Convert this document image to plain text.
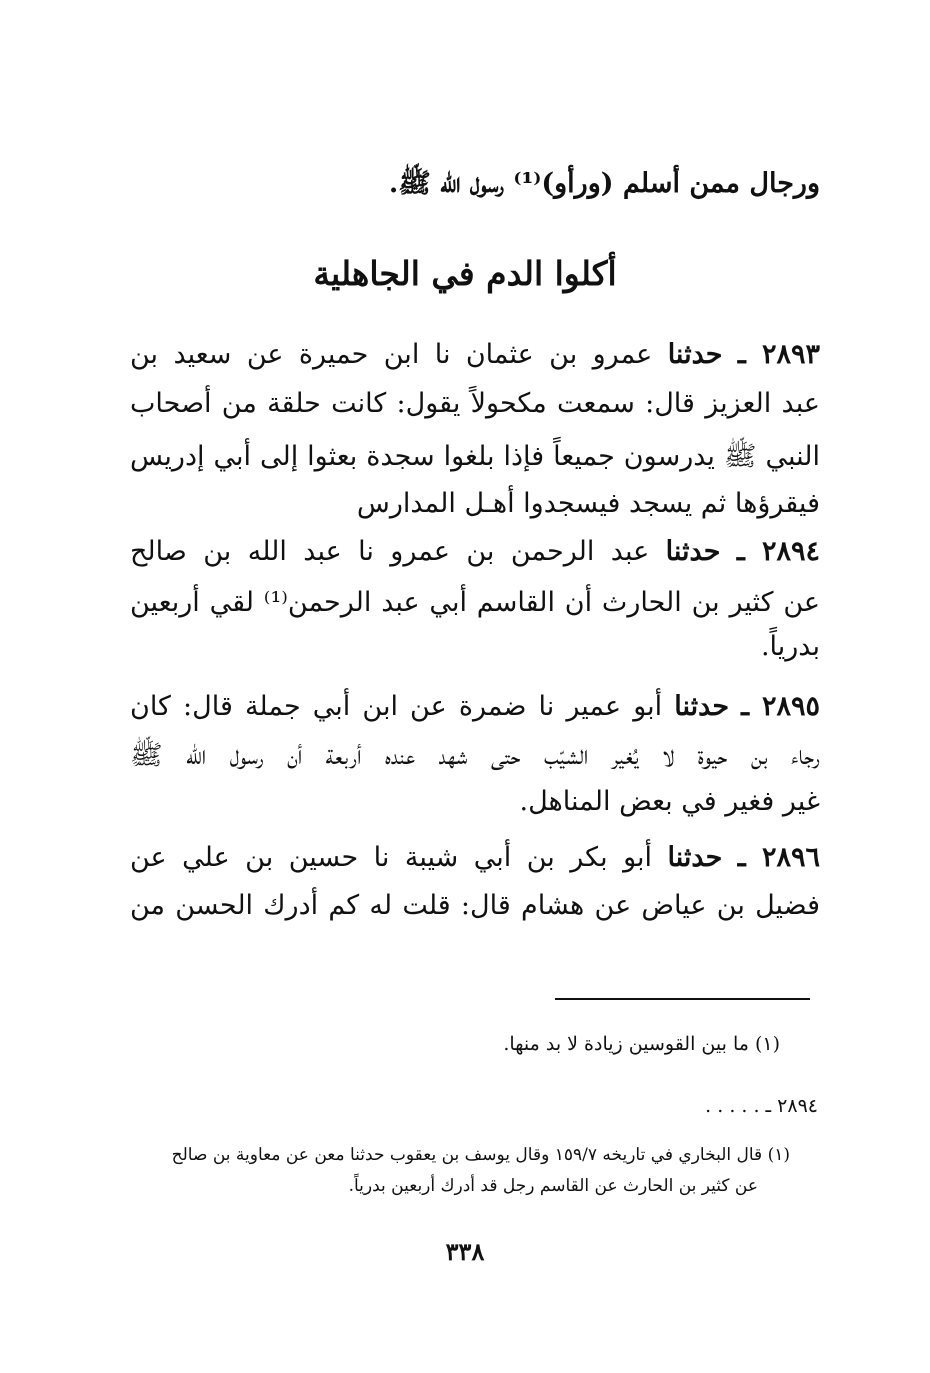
ورجال ممن أسلم (ورأو)⁽¹⁾ رسول الله ﷺ.
أكلوا الدم في الجاهلية
٢٨٩٣ ـ حدثنا عمرو بن عثمان نا ابن حميرة عن سعيد بن
عبد العزيز قال: سمعت مكحولاً يقول: كانت حلقة من أصحاب
النبي ﷺ يدرسون جميعاً فإذا بلغوا سجدة بعثوا إلى أبي إدريس
فيقرؤها ثم يسجد فيسجدوا أهـل المدارس
٢٨٩٤ ـ حدثنا عبد الرحمن بن عمرو نا عبد الله بن صالح
عن كثير بن الحارث أن القاسم أبي عبد الرحمن⁽¹⁾ لقي أربعين
بدرياً.
٢٨٩٥ ـ حدثنا أبو عمير نا ضمرة عن ابن أبي جملة قال: كان
رجاء بن حيوة لا يُغير الشيّب حتى شهد عنده أربعة أن رسول الله ﷺ
غير فغير في بعض المناهل.
٢٨٩٦ ـ حدثنا أبو بكر بن أبي شيبة نا حسين بن علي عن
فضيل بن عياض عن هشام قال: قلت له كم أدرك الحسن من
(١) ما بين القوسين زيادة لا بد منها.
٢٨٩٤ ـ . . . . .
(١) قال البخاري في تاريخه ١٥٩/٧ وقال يوسف بن يعقوب حدثنا معن عن معاوية بن صالح
عن كثير بن الحارث عن القاسم رجل قد أدرك أربعين بدرياً.
٣٣٨
